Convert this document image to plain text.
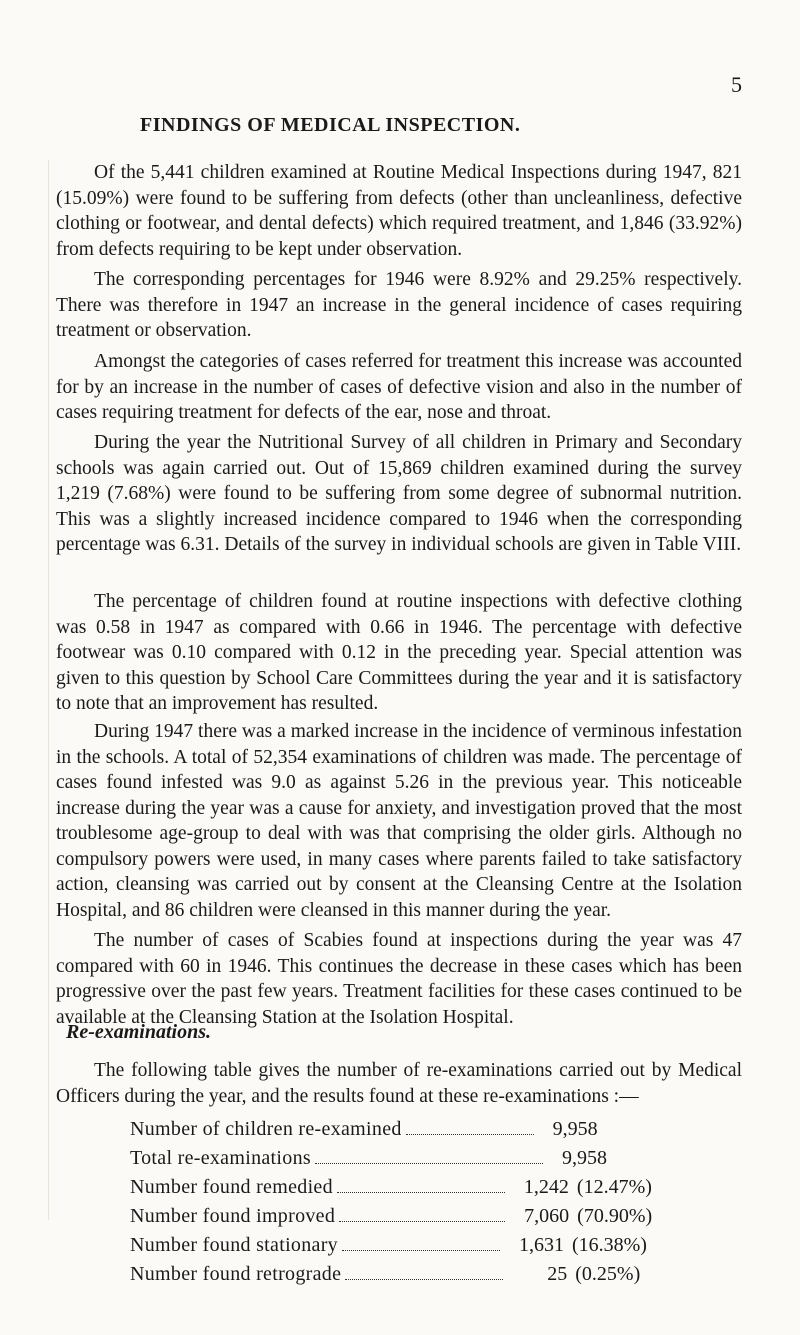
5
FINDINGS OF MEDICAL INSPECTION.

Of the 5,441 children examined at Routine Medical Inspections during 1947, 821 (15.09%) were found to be suffering from defects (other than uncleanliness, defective clothing or footwear, and dental defects) which required treatment, and 1,846 (33.92%) from defects requiring to be kept under observation.

The corresponding percentages for 1946 were 8.92% and 29.25% respectively. There was therefore in 1947 an increase in the general incidence of cases requiring treatment or observation.

Amongst the categories of cases referred for treatment this increase was accounted for by an increase in the number of cases of defective vision and also in the number of cases requiring treatment for defects of the ear, nose and throat.

During the year the Nutritional Survey of all children in Primary and Secondary schools was again carried out. Out of 15,869 children examined during the survey 1,219 (7.68%) were found to be suffering from some degree of subnormal nutrition. This was a slightly increased incidence compared to 1946 when the corresponding percentage was 6.31. Details of the survey in individual schools are given in Table VIII.

The percentage of children found at routine inspections with defective clothing was 0.58 in 1947 as compared with 0.66 in 1946. The percentage with defective footwear was 0.10 compared with 0.12 in the preceding year. Special attention was given to this question by School Care Committees during the year and it is satisfactory to note that an improvement has resulted.

During 1947 there was a marked increase in the incidence of verminous infestation in the schools. A total of 52,354 examinations of children was made. The percentage of cases found infested was 9.0 as against 5.26 in the previous year. This noticeable increase during the year was a cause for anxiety, and investigation proved that the most troublesome age-group to deal with was that comprising the older girls. Although no compulsory powers were used, in many cases where parents failed to take satisfactory action, cleansing was carried out by consent at the Cleansing Centre at the Isolation Hospital, and 86 children were cleansed in this manner during the year.

The number of cases of Scabies found at inspections during the year was 47 compared with 60 in 1946. This continues the decrease in these cases which has been progressive over the past few years. Treatment facilities for these cases continued to be available at the Cleansing Station at the Isolation Hospital.

Re-examinations.

The following table gives the number of re-examinations carried out by Medical Officers during the year, and the results found at these re-examinations :—

Number of children re-examined	9,958
Total re-examinations	9,958
Number found remedied	1,242 (12.47%)
Number found improved	7,060 (70.90%)
Number found stationary	1,631 (16.38%)
Number found retrograde	25 (0.25%)
